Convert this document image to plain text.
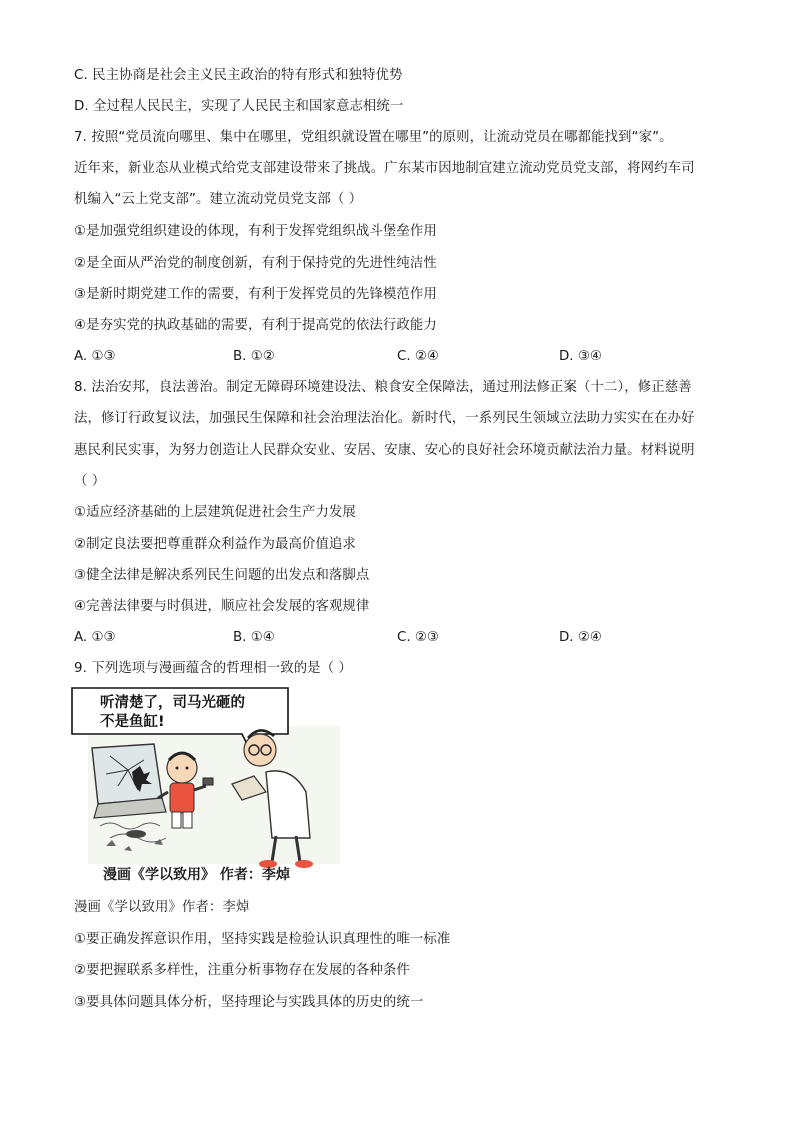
C. 民主协商是社会主义民主政治的特有形式和独特优势
D. 全过程人民民主，实现了人民民主和国家意志相统一
7. 按照“党员流向哪里、集中在哪里，党组织就设置在哪里”的原则，让流动党员在哪都能找到“家”。
近年来，新业态从业模式给党支部建设带来了挑战。广东某市因地制宜建立流动党员党支部，将网约车司
机编入“云上党支部”。建立流动党员党支部（ ）
①是加强党组织建设的体现，有利于发挥党组织战斗堡垒作用
②是全面从严治党的制度创新，有利于保持党的先进性纯洁性
③是新时期党建工作的需要，有利于发挥党员的先锋模范作用
④是夯实党的执政基础的需要，有利于提高党的依法行政能力
A. ①③	B. ①②	C. ②④	D. ③④
8. 法治安邦，良法善治。制定无障碍环境建设法、粮食安全保障法，通过刑法修正案（十二），修正慈善
法，修订行政复议法，加强民生保障和社会治理法治化。新时代，一系列民生领域立法助力实实在在办好
惠民利民实事，为努力创造让人民群众安业、安居、安康、安心的良好社会环境贡献法治力量。材料说明
（ ）
①适应经济基础的上层建筑促进社会生产力发展
②制定良法要把尊重群众利益作为最高价值追求
③健全法律是解决系列民生问题的出发点和落脚点
④完善法律要与时俱进，顺应社会发展的客观规律
A. ①③	B. ①④	C. ②③	D. ②④
9. 下列选项与漫画蕴含的哲理相一致的是（ ）
听清楚了，司马光砸的
不是鱼缸!
漫画《学以致用》 作者：李焯
漫画《学以致用》作者：李焯
①要正确发挥意识作用，坚持实践是检验认识真理性的唯一标准
②要把握联系多样性，注重分析事物存在发展的各种条件
③要具体问题具体分析，坚持理论与实践具体的历史的统一
